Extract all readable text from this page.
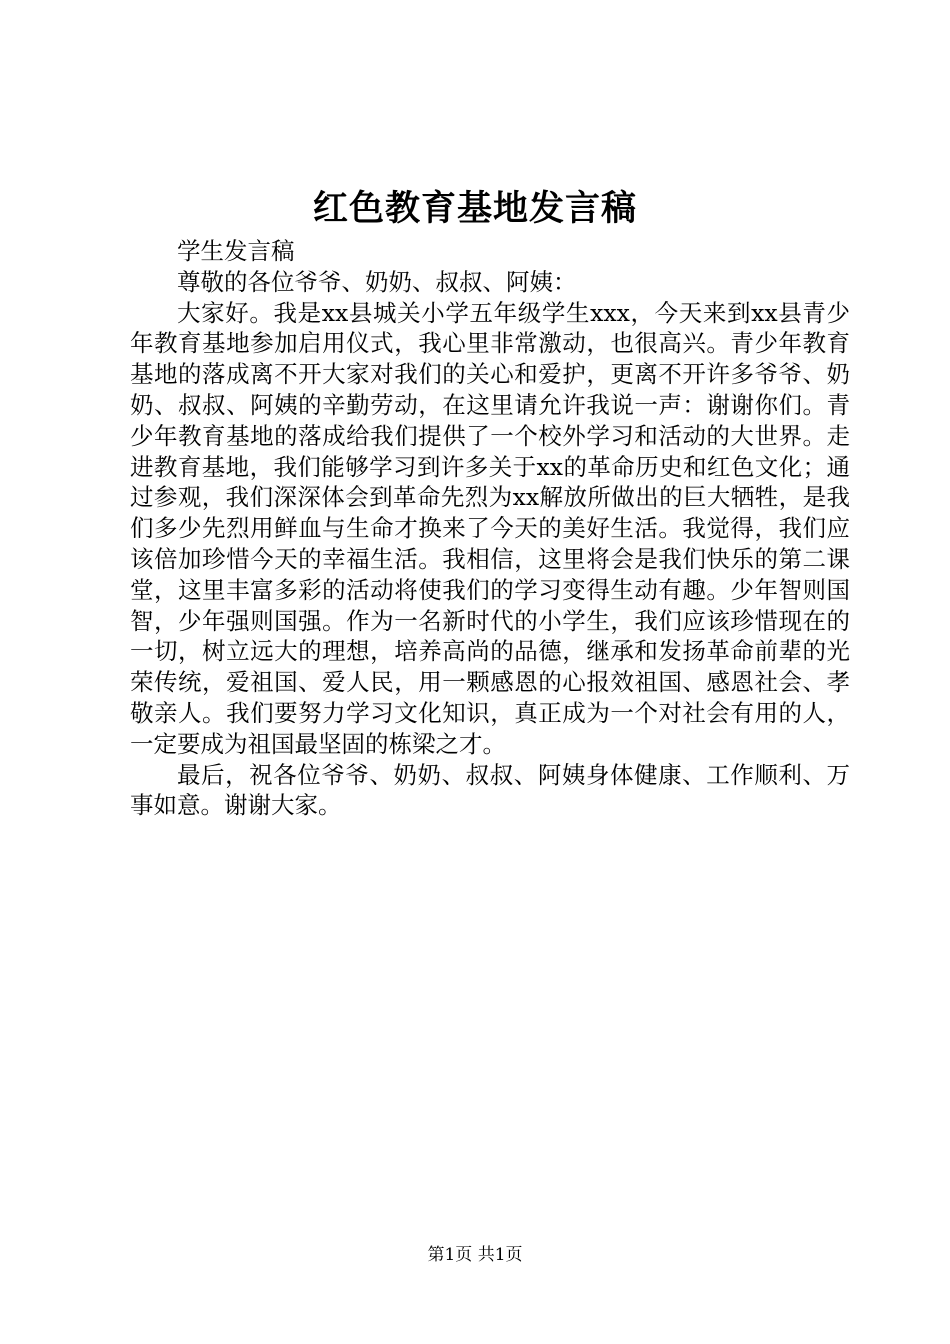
红色教育基地发言稿

学生发言稿

尊敬的各位爷爷、奶奶、叔叔、阿姨：

大家好。我是xx县城关小学五年级学生xxx，今天来到xx县青少年教育基地参加启用仪式，我心里非常激动，也很高兴。青少年教育基地的落成离不开大家对我们的关心和爱护，更离不开许多爷爷、奶奶、叔叔、阿姨的辛勤劳动，在这里请允许我说一声：谢谢你们。青少年教育基地的落成给我们提供了一个校外学习和活动的大世界。走进教育基地，我们能够学习到许多关于xx的革命历史和红色文化；通过参观，我们深深体会到革命先烈为xx解放所做出的巨大牺牲，是我们多少先烈用鲜血与生命才换来了今天的美好生活。我觉得，我们应该倍加珍惜今天的幸福生活。我相信，这里将会是我们快乐的第二课堂，这里丰富多彩的活动将使我们的学习变得生动有趣。少年智则国智，少年强则国强。作为一名新时代的小学生，我们应该珍惜现在的一切，树立远大的理想，培养高尚的品德，继承和发扬革命前辈的光荣传统，爱祖国、爱人民，用一颗感恩的心报效祖国、感恩社会、孝敬亲人。我们要努力学习文化知识，真正成为一个对社会有用的人，一定要成为祖国最坚固的栋梁之才。

最后，祝各位爷爷、奶奶、叔叔、阿姨身体健康、工作顺利、万事如意。谢谢大家。

第1页 共1页
